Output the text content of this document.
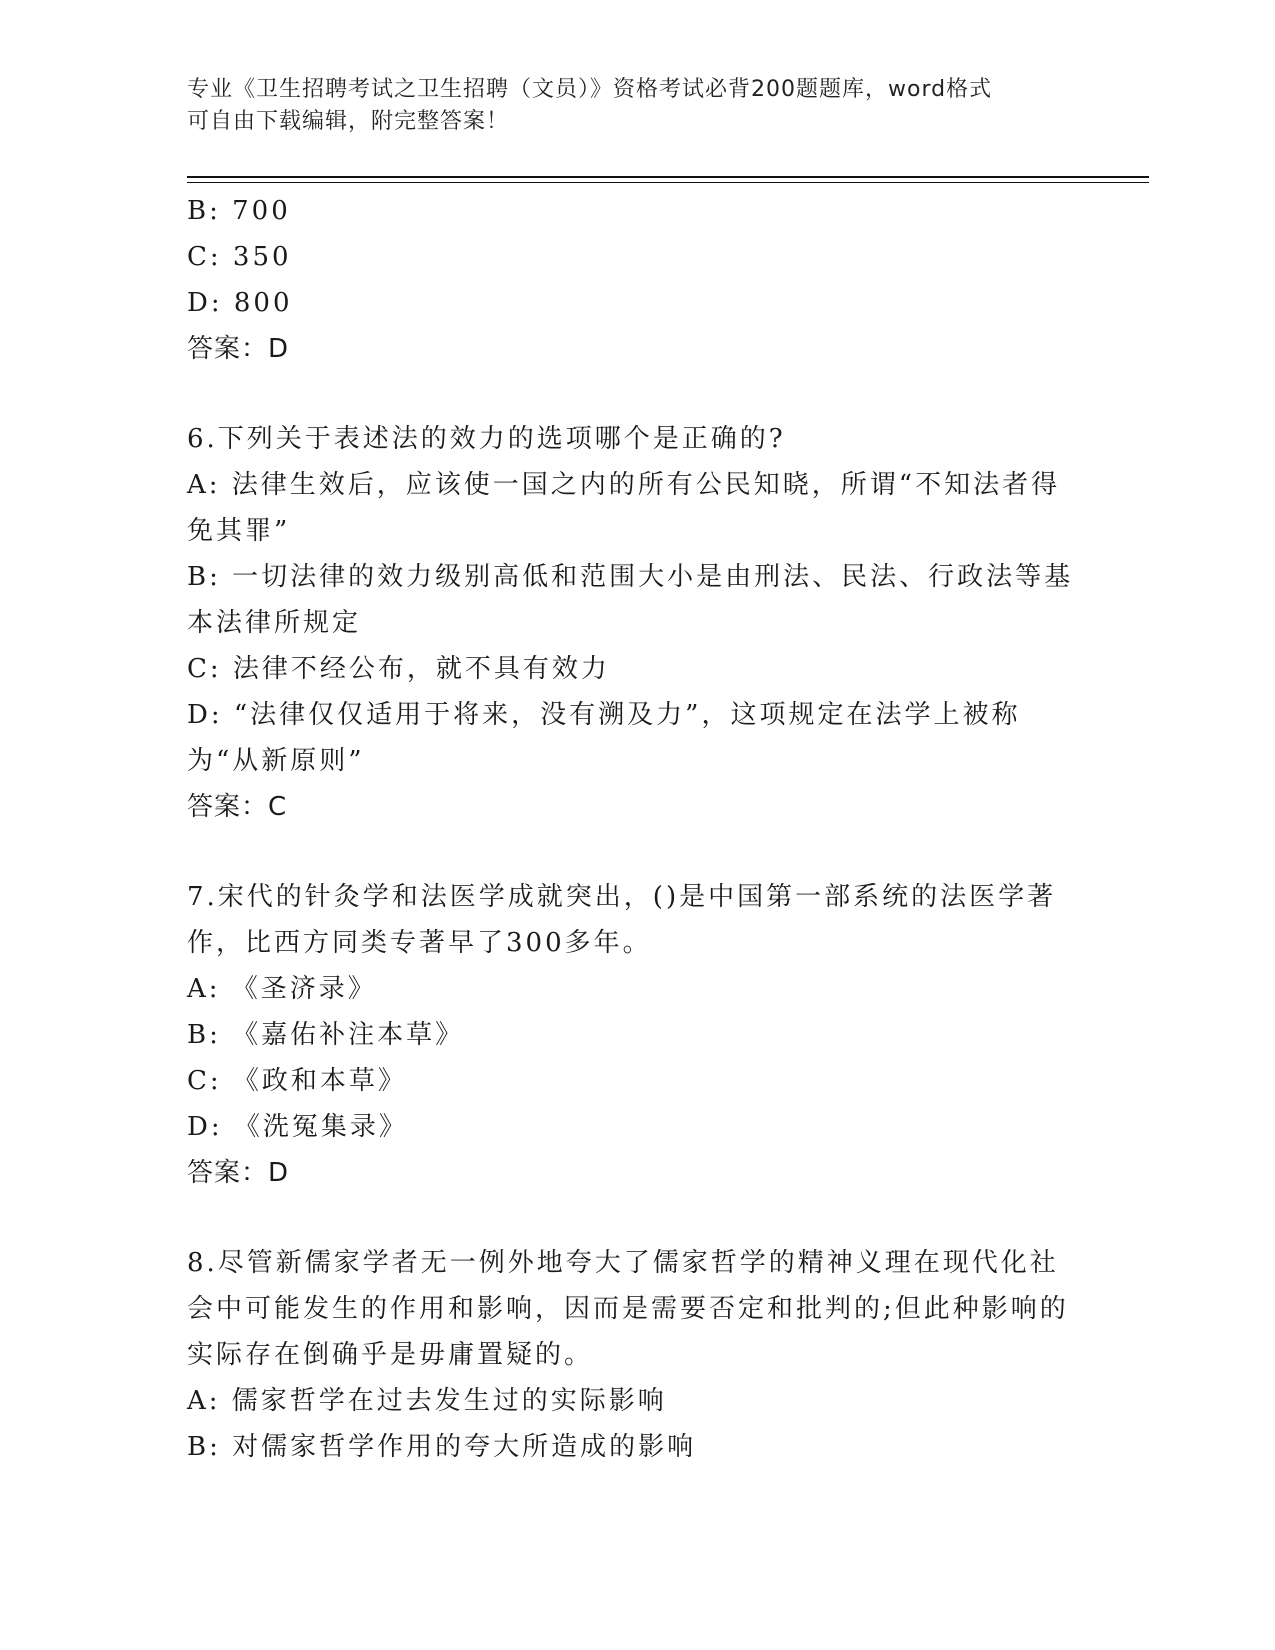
专业《卫生招聘考试之卫生招聘（文员）》资格考试必背200题题库，word格式
可自由下载编辑，附完整答案！

B: 700

C: 350

D: 800

答案：D

6.下列关于表述法的效力的选项哪个是正确的?

A: 法律生效后，应该使一国之内的所有公民知晓，所谓“不知法者得免其罪”

B: 一切法律的效力级别高低和范围大小是由刑法、民法、行政法等基本法律所规定

C: 法律不经公布，就不具有效力

D: “法律仅仅适用于将来，没有溯及力”，这项规定在法学上被称为“从新原则”

答案：C

7.宋代的针灸学和法医学成就突出，()是中国第一部系统的法医学著作，比西方同类专著早了300多年。

A: 《圣济录》

B: 《嘉佑补注本草》

C: 《政和本草》

D: 《洗冤集录》

答案：D

8.尽管新儒家学者无一例外地夸大了儒家哲学的精神义理在现代化社会中可能发生的作用和影响，因而是需要否定和批判的;但此种影响的实际存在倒确乎是毋庸置疑的。

A: 儒家哲学在过去发生过的实际影响

B: 对儒家哲学作用的夸大所造成的影响
